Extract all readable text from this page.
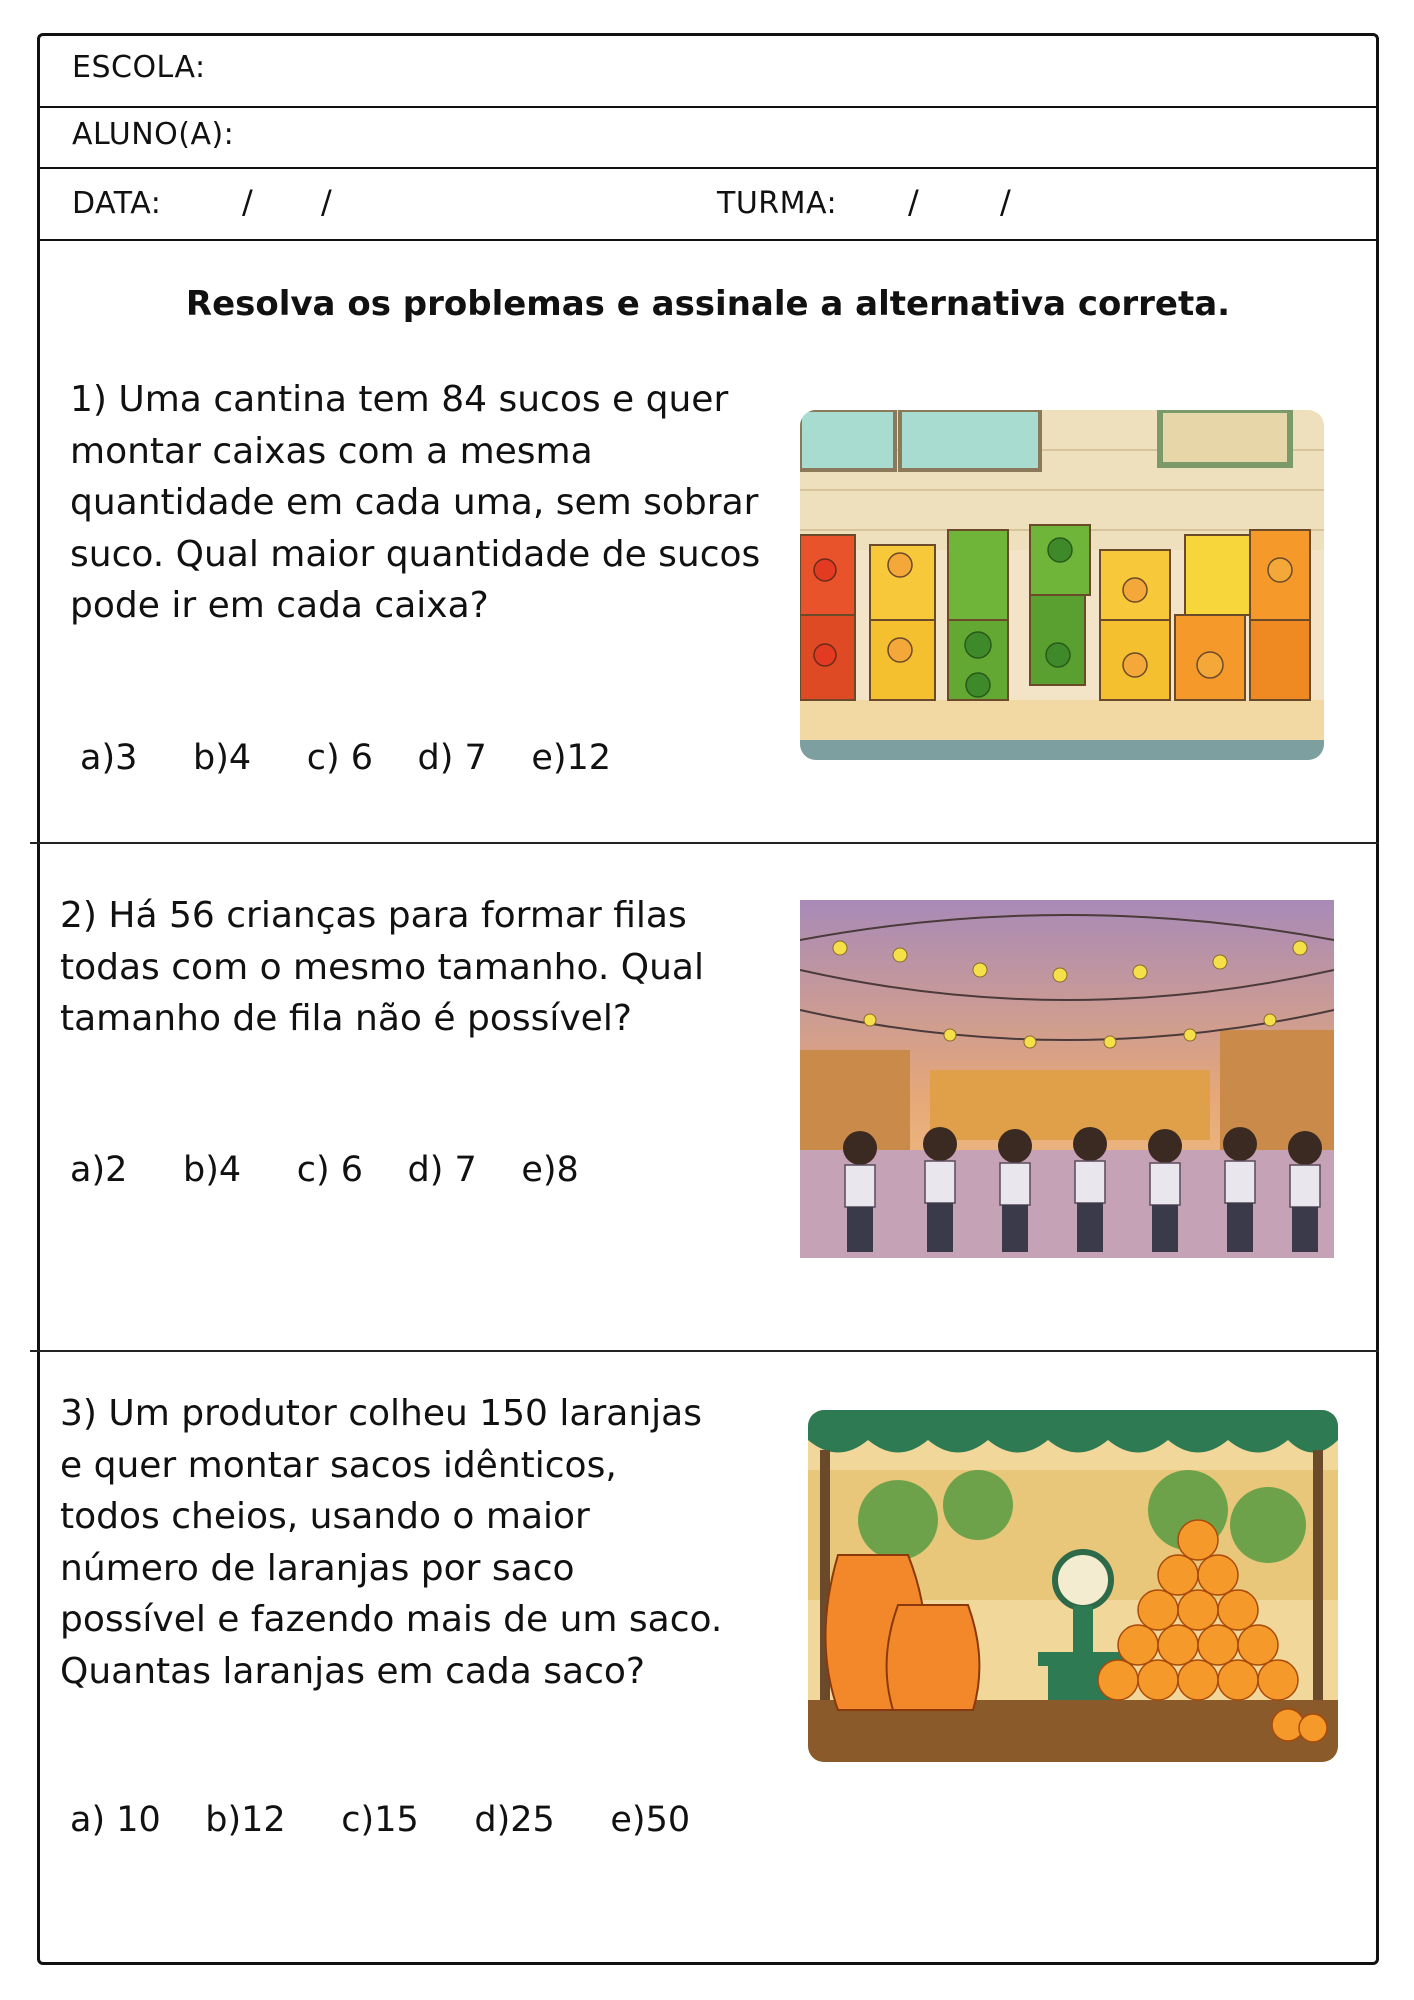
ESCOLA:
ALUNO(A):
DATA:	/ /	TURMA: /	/
Resolva os problemas e assinale a alternativa correta.
1) Uma cantina tem 84 sucos e quer
montar caixas com a mesma
quantidade em cada uma, sem sobrar
suco. Qual maior quantidade de sucos
pode ir em cada caixa?
a)3     b)4     c) 6    d) 7    e)12
2) Há 56 crianças para formar filas
todas com o mesmo tamanho. Qual
tamanho de fila não é possível?
a)2     b)4     c) 6    d) 7    e)8
3) Um produtor colheu 150 laranjas
e quer montar sacos idênticos,
todos cheios, usando o maior
número de laranjas por saco
possível e fazendo mais de um saco.
Quantas laranjas em cada saco?
a) 10    b)12     c)15     d)25     e)50
